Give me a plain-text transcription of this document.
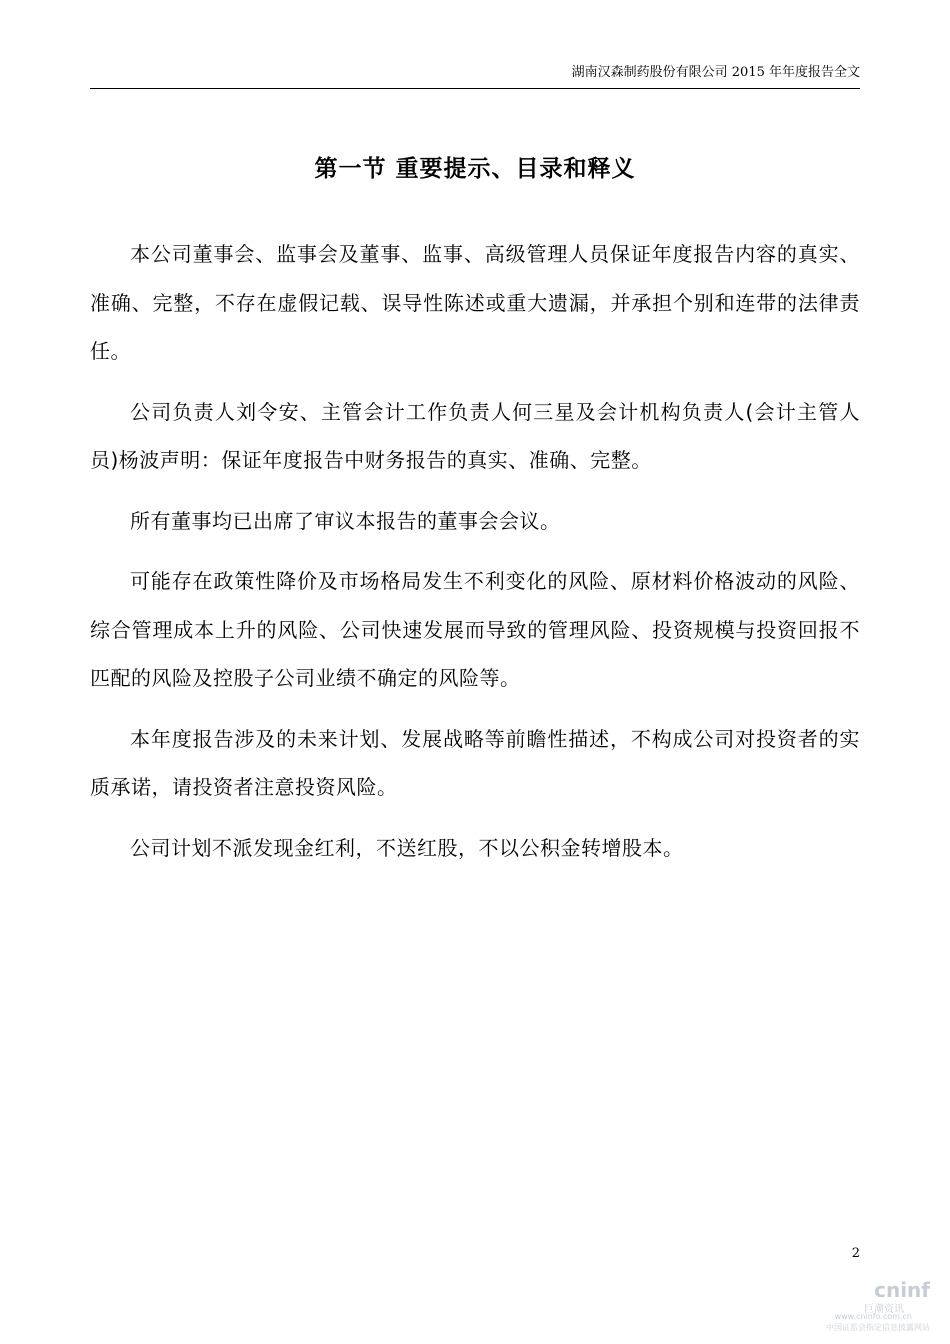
湖南汉森制药股份有限公司 2015 年年度报告全文
第一节 重要提示、目录和释义

本公司董事会、监事会及董事、监事、高级管理人员保证年度报告内容的真实、准确、完整，不存在虚假记载、误导性陈述或重大遗漏，并承担个别和连带的法律责任。

公司负责人刘令安、主管会计工作负责人何三星及会计机构负责人(会计主管人员)杨波声明：保证年度报告中财务报告的真实、准确、完整。

所有董事均已出席了审议本报告的董事会会议。

可能存在政策性降价及市场格局发生不利变化的风险、原材料价格波动的风险、综合管理成本上升的风险、公司快速发展而导致的管理风险、投资规模与投资回报不匹配的风险及控股子公司业绩不确定的风险等。

本年度报告涉及的未来计划、发展战略等前瞻性描述，不构成公司对投资者的实质承诺，请投资者注意投资风险。

公司计划不派发现金红利，不送红股，不以公积金转增股本。

2
cninf
巨潮资讯
www.cninfo.com.cn
中国证监会指定信息披露网站
